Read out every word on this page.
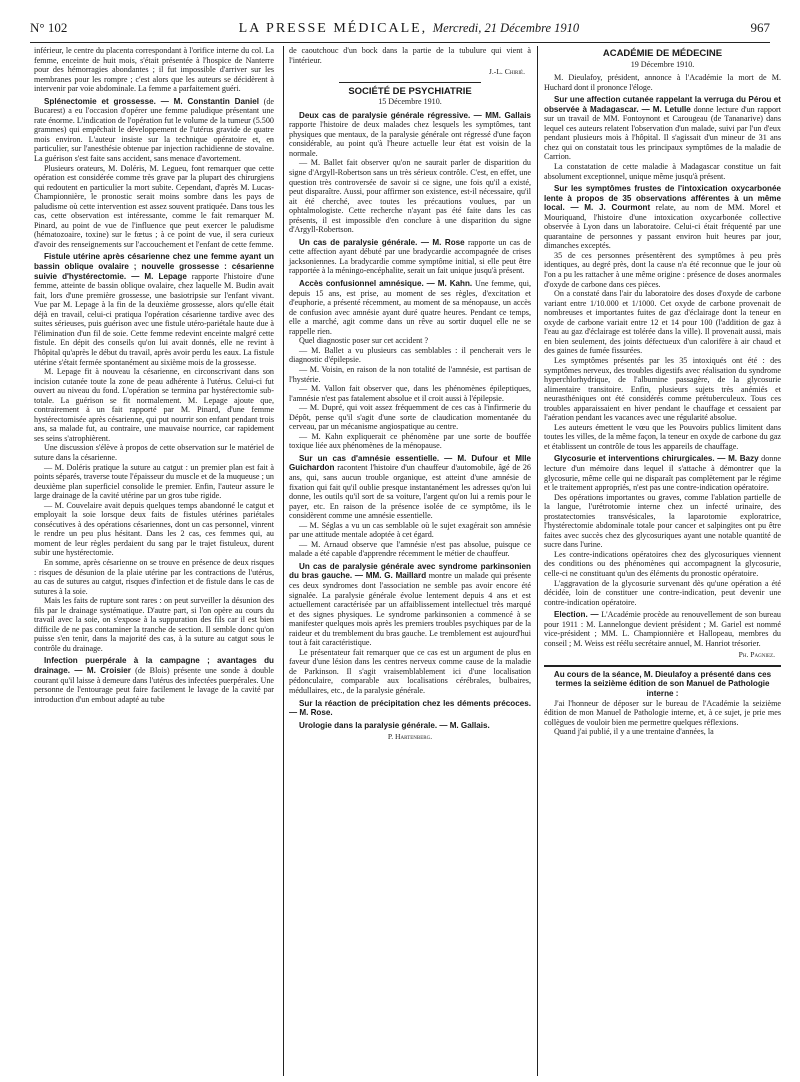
N° 102	LA PRESSE MÉDICALE, Mercredi, 21 Décembre 1910	967

inférieur, le centre du placenta correspondant à l'orifice interne du col. La femme, enceinte de huit mois, s'était présentée à l'hospice de Nanterre pour des hémorragies abondantes ; il fut impossible d'arriver sur les membranes pour les rompre ; c'est alors que les auteurs se décidèrent à intervenir par voie abdominale. La femme a parfaitement guéri.

Splénectomie et grossesse. — M. Constantin Daniel (de Bucarest) a eu l'occasion d'opérer une femme paludique présentant une rate énorme. L'indication de l'opération fut le volume de la tumeur (5.500 grammes) qui empêchait le développement de l'utérus gravide de quatre mois environ. L'auteur insiste sur la technique opératoire et, en particulier, sur l'anesthésie obtenue par injection rachidienne de stovaïne. La guérison s'est faite sans accident, sans menace d'avortement.

Plusieurs orateurs, M. Doléris, M. Legueu, font remarquer que cette opération est considérée comme très grave par la plupart des chirurgiens qui redoutent en particulier la mort subite. Cependant, d'après M. Lucas-Championnière, le pronostic serait moins sombre dans les pays de paludisme où cette intervention est assez souvent pratiquée. Dans tous les cas, cette observation est intéressante, comme le fait remarquer M. Pinard, au point de vue de l'influence que peut exercer le paludisme (hématozoaire, toxine) sur le fœtus ; à ce point de vue, il sera curieux d'avoir des renseignements sur l'accouchement et l'enfant de cette femme.

Fistule utérine après césarienne chez une femme ayant un bassin oblique ovalaire ; nouvelle grossesse : césarienne suivie d'hystérectomie. — M. Lepage rapporte l'histoire d'une femme, atteinte de bassin oblique ovalaire, chez laquelle M. Budin avait fait, lors d'une première grossesse, une basiotripsie sur l'enfant vivant. Vue par M. Lepage à la fin de la deuxième grossesse, alors qu'elle était déjà en travail, celui-ci pratiqua l'opération césarienne tardive avec des suites sérieuses, puis guérison avec une fistule utéro-pariétale haute due à l'élimination d'un fil de soie. Cette femme redevint enceinte malgré cette fistule. En dépit des conseils qu'on lui avait donnés, elle ne revint à l'hôpital qu'après le début du travail, après avoir perdu les eaux. La fistule utérine s'était fermée spontanément au sixième mois de la grossesse.

M. Lepage fit à nouveau la césarienne, en circonscrivant dans son incision cutanée toute la zone de peau adhérente à l'utérus. Celui-ci fut ouvert au niveau du fond. L'opération se termina par hystérectomie sub-totale. La guérison se fit normalement. M. Lepage ajoute que, contrairement à un fait rapporté par M. Pinard, d'une femme hystérectomisée après césarienne, qui put nourrir son enfant pendant trois ans, sa malade fut, au contraire, une mauvaise nourrice, car rapidement ses seins s'atrophièrent.

Une discussion s'élève à propos de cette observation sur le matériel de suture dans la césarienne.

— M. Doléris pratique la suture au catgut : un premier plan est fait à points séparés, traverse toute l'épaisseur du muscle et de la muqueuse ; un deuxième plan superficiel consolide le premier. Enfin, l'auteur assure le large drainage de la cavité utérine par un gros tube rigide.

— M. Couvelaire avait depuis quelques temps abandonné le catgut et employait la soie lorsque deux faits de fistules utérines pariétales consécutives à des opérations césariennes, dont un cas personnel, vinrent le rendre un peu plus hésitant. Dans les 2 cas, ces femmes qui, au moment de leur règles perdaient du sang par le trajet fistuleux, durent subir une hystérectomie.

En somme, après césarienne on se trouve en présence de deux risques : risques de désunion de la plaie utérine par les contractions de l'utérus, au cas de sutures au catgut, risques d'infection et de fistule dans le cas de sutures à la soie.

Mais les faits de rupture sont rares : on peut surveiller la désunion des fils par le drainage systématique. D'autre part, si l'on opère au cours du travail avec la soie, on s'expose à la suppuration des fils car il est bien difficile de ne pas contaminer la tranche de section. Il semble donc qu'on puisse s'en tenir, dans la majorité des cas, à la suture au catgut sous le contrôle du drainage.

Infection puerpérale à la campagne ; avantages du drainage. — M. Croisier (de Blois) présente une sonde à double courant qu'il laisse à demeure dans l'utérus des infectées puerpérales. Une personne de l'entourage peut faire facilement le lavage de la cavité par introduction d'un embout adapté au tube

de caoutchouc d'un bock dans la partie de la tubulure qui vient à l'intérieur.

J.-L. Chirié.
SOCIÉTÉ DE PSYCHIATRIE
15 Décembre 1910.

Deux cas de paralysie générale régressive. — MM. Gallais rapporte l'histoire de deux malades chez lesquels les symptômes, tant physiques que mentaux, de la paralysie générale ont régressé d'une façon considérable, au point qu'à l'heure actuelle leur état est voisin de la normale.

— M. Ballet fait observer qu'on ne saurait parler de disparition du signe d'Argyll-Robertson sans un très sérieux contrôle. C'est, en effet, une question très controversée de savoir si ce signe, une fois qu'il a existé, peut disparaître. Aussi, pour affirmer son existence, est-il nécessaire, qu'il ait été cherché, avec toutes les précautions voulues, par un ophtalmologiste. Cette recherche n'ayant pas été faite dans les cas présents, il est impossible d'en conclure à une disparition du signe d'Argyll-Robertson.

Un cas de paralysie générale. — M. Rose rapporte un cas de cette affection ayant débuté par une bradycardie accompagnée de crises jacksoniennes. La bradycardie comme symptôme initial, si elle peut être rapportée à la méningo-encéphalite, serait un fait unique jusqu'à présent.

Accès confusionnel amnésique. — M. Kahn. Une femme, qui, depuis 15 ans, est prise, au moment de ses règles, d'excitation et d'euphorie, a présenté récemment, au moment de sa ménopause, un accès de confusion avec amnésie ayant duré quatre heures. Pendant ce temps, elle a marché, agit comme dans un rêve au sortir duquel elle ne se rappelle rien.

Quel diagnostic poser sur cet accident ?

— M. Ballet a vu plusieurs cas semblables : il pencherait vers le diagnostic d'épilepsie.

— M. Voisin, en raison de la non totalité de l'amnésie, est partisan de l'hystérie.

— M. Vallon fait observer que, dans les phénomènes épileptiques, l'amnésie n'est pas fatalement absolue et il croit aussi à l'épilepsie.

— M. Dupré, qui voit assez fréquemment de ces cas à l'infirmerie du Dépôt, pense qu'il s'agit d'une sorte de claudication momentanée du cerveau, par un mécanisme angiospatique au centre.

— M. Kahn expliquerait ce phénomène par une sorte de bouffée toxique liée aux phénomènes de la ménopause.

Sur un cas d'amnésie essentielle. — M. Dufour et Mlle Guichardon racontent l'histoire d'un chauffeur d'automobile, âgé de 26 ans, qui, sans aucun trouble organique, est atteint d'une amnésie de fixation qui fait qu'il oublie presque instantanément les adresses qu'on lui donne, les outils qu'il sort de sa voiture, l'argent qu'on lui a remis pour le payer, etc. En raison de la présence isolée de ce symptôme, ils le considèrent comme une amnésie essentielle.

— M. Séglas a vu un cas semblable où le sujet exagérait son amnésie par une attitude mentale adoptée à cet égard.

— M. Arnaud observe que l'amnésie n'est pas absolue, puisque ce malade a été capable d'apprendre récemment le métier de chauffeur.

Un cas de paralysie générale avec syndrome parkinsonien du bras gauche. — MM. G. Maillard montre un malade qui présente ces deux syndromes dont l'association ne semble pas avoir encore été signalée. La paralysie générale évolue lentement depuis 4 ans et est actuellement caractérisée par un affaiblissement intellectuel très marqué et des signes physiques. Le syndrome parkinsonien a commencé à se manifester quelques mois après les premiers troubles psychiques par de la raideur et du tremblement du bras gauche. Le tremblement est aujourd'hui tout à fait caractéristique.

Le présentateur fait remarquer que ce cas est un argument de plus en faveur d'une lésion dans les centres nerveux comme cause de la maladie de Parkinson. Il s'agit vraisemblablement ici d'une localisation pédonculaire, comparable aux localisations cérébrales, bulbaires, médullaires, etc., de la paralysie générale.

Sur la réaction de précipitation chez les déments précoces. — M. Rose.

Urologie dans la paralysie générale. — M. Gallais.

P. Hartenberg.
ACADÉMIE DE MÉDECINE
19 Décembre 1910.

M. Dieulafoy, président, annonce à l'Académie la mort de M. Huchard dont il prononce l'éloge.

Sur une affection cutanée rappelant la verruga du Pérou et observée à Madagascar. — M. Letulle donne lecture d'un rapport sur un travail de MM. Fontoynont et Carougeau (de Tananarive) dans lequel ces auteurs relatent l'observation d'un malade, suivi par l'un d'eux pendant plusieurs mois à l'hôpital. Il s'agissait d'un mineur de 31 ans chez qui on constatait tous les principaux symptômes de la maladie de Carrion.

La constatation de cette maladie à Madagascar constitue un fait absolument exceptionnel, unique même jusqu'à présent.

Sur les symptômes frustes de l'intoxication oxycarbonée lente à propos de 35 observations afférentes à un même local. — M. J. Courmont relate, au nom de MM. Morel et Mouriquand, l'histoire d'une intoxication oxycarbonée collective observée à Lyon dans un laboratoire. Celui-ci était fréquenté par une quarantaine de personnes y passant environ huit heures par jour, dimanches exceptés.

35 de ces personnes présentèrent des symptômes à peu près identiques, au degré près, dont la cause n'a été reconnue que le jour où l'on a pu les rattacher à une même origine : présence de doses anormales d'oxyde de carbone dans ces pièces.

On a constaté dans l'air du laboratoire des doses d'oxyde de carbone variant entre 1/10.000 et 1/1000. Cet oxyde de carbone provenait de nombreuses et importantes fuites de gaz d'éclairage dont la teneur en oxyde de carbone variait entre 12 et 14 pour 100 (l'addition de gaz à l'eau au gaz d'éclairage est tolérée dans la ville). Il provenait aussi, mais en bien seulement, des joints défectueux d'un calorifère à air chaud et des gaines de fumée fissurées.

Les symptômes présentés par les 35 intoxiqués ont été : des symptômes nerveux, des troubles digestifs avec réalisation du syndrome hyperchlorhydrique, de l'albumine passagère, de la glycosurie alimentaire transitoire. Enfin, plusieurs sujets très anémiés et neurasthéniques ont été considérés comme prétuberculeux. Tous ces troubles apparaissaient en hiver pendant le chauffage et cessaient par l'aération pendant les vacances avec une régularité absolue.

Les auteurs émettent le vœu que les Pouvoirs publics limitent dans toutes les villes, de la même façon, la teneur en oxyde de carbone du gaz et établissent un contrôle de tous les appareils de chauffage.

Glycosurie et interventions chirurgicales. — M. Bazy donne lecture d'un mémoire dans lequel il s'attache à démontrer que la glycosurie, même celle qui ne disparaît pas complètement par le régime et le traitement appropriés, n'est pas une contre-indication opératoire.

Des opérations importantes ou graves, comme l'ablation partielle de la langue, l'urétrotomie interne chez un infecté urinaire, des prostatectomies transvésicales, la laparotomie exploratrice, l'hystérectomie abdominale totale pour cancer et salpingites ont pu être faites avec succès chez des glycosuriques ayant une notable quantité de sucre dans l'urine.

Les contre-indications opératoires chez des glycosuriques viennent des conditions ou des phénomènes qui accompagnent la glycosurie, celle-ci ne constituant qu'un des éléments du pronostic opératoire.

L'aggravation de la glycosurie survenant dès qu'une opération a été décidée, loin de constituer une contre-indication, peut devenir une contre-indication opératoire.

Election. — L'Académie procède au renouvellement de son bureau pour 1911 : M. Lannelongue devient président ; M. Gariel est nommé vice-président ; MM. L. Championnière et Hallopeau, membres du conseil ; M. Weiss est réélu secrétaire annuel, M. Hanriot trésorier.

Ph. Pagniez.

Au cours de la séance, M. Dieulafoy a présenté dans ces termes la seizième édition de son Manuel de Pathologie interne :

J'ai l'honneur de déposer sur le bureau de l'Académie la seizième édition de mon Manuel de Pathologie interne, et, à ce sujet, je prie mes collègues de vouloir bien me permettre quelques réflexions.

Quand j'ai publié, il y a une trentaine d'années, la
